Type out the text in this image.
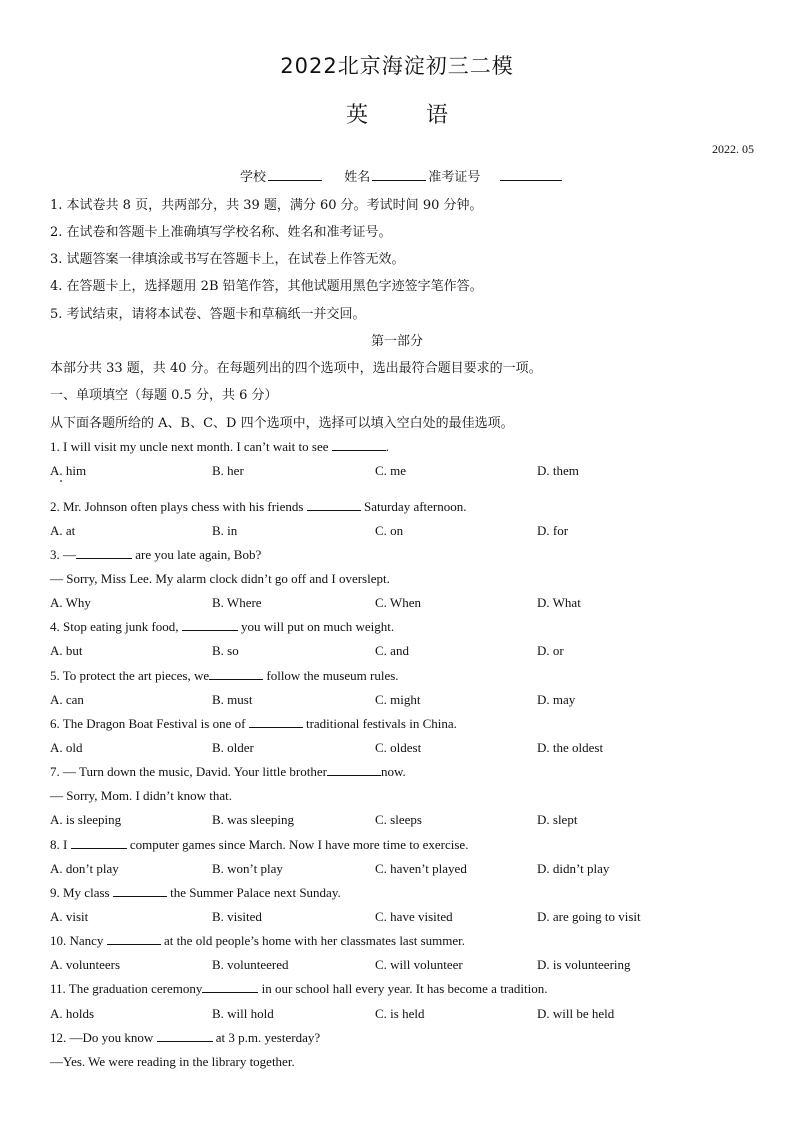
2022北京海淀初三二模
英	语
2022. 05
学校	姓名	准考证号
1. 本试卷共 8 页，共两部分，共 39 题，满分 60 分。考试时间 90 分钟。
2. 在试卷和答题卡上准确填写学校名称、姓名和准考证号。
3. 试题答案一律填涂或书写在答题卡上，在试卷上作答无效。
4. 在答题卡上，选择题用 2B 铅笔作答，其他试题用黑色字迹签字笔作答。
5. 考试结束，请将本试卷、答题卡和草稿纸一并交回。
第一部分
本部分共 33 题，共 40 分。在每题列出的四个选项中，选出最符合题目要求的一项。
一、单项填空（每题 0.5 分，共 6 分）
从下面各题所给的 A、B、C、D 四个选项中，选择可以填入空白处的最佳选项。
1. I will visit my uncle next month. I can’t wait to see	.
A. him	B. her	C. me	D. them
2. Mr. Johnson often plays chess with his friends	Saturday afternoon.
A. at	B. in	C. on	D. for
3. —	are you late again, Bob?
— Sorry, Miss Lee. My alarm clock didn’t go off and I overslept.
A. Why	B. Where	C. When	D. What
4. Stop eating junk food,	you will put on much weight.
A. but	B. so	C. and	D. or
5. To protect the art pieces, we	follow the museum rules.
A. can	B. must	C. might	D. may
6. The Dragon Boat Festival is one of	traditional festivals in China.
A. old	B. older	C. oldest	D. the oldest
7. — Turn down the music, David. Your little brother	now.
— Sorry, Mom. I didn’t know that.
A. is sleeping	B. was sleeping	C. sleeps	D. slept
8. I	computer games since March. Now I have more time to exercise.
A. don’t play	B. won’t play	C. haven’t played	D. didn’t play
9. My class	the Summer Palace next Sunday.
A. visit	B. visited	C. have visited	D. are going to visit
10. Nancy	at the old people’s home with her classmates last summer.
A. volunteers	B. volunteered	C. will volunteer	D. is volunteering
11. The graduation ceremony	in our school hall every year. It has become a tradition.
A. holds	B. will hold	C. is held	D. will be held
12. —Do you know	at 3 p.m. yesterday?
—Yes. We were reading in the library together.
